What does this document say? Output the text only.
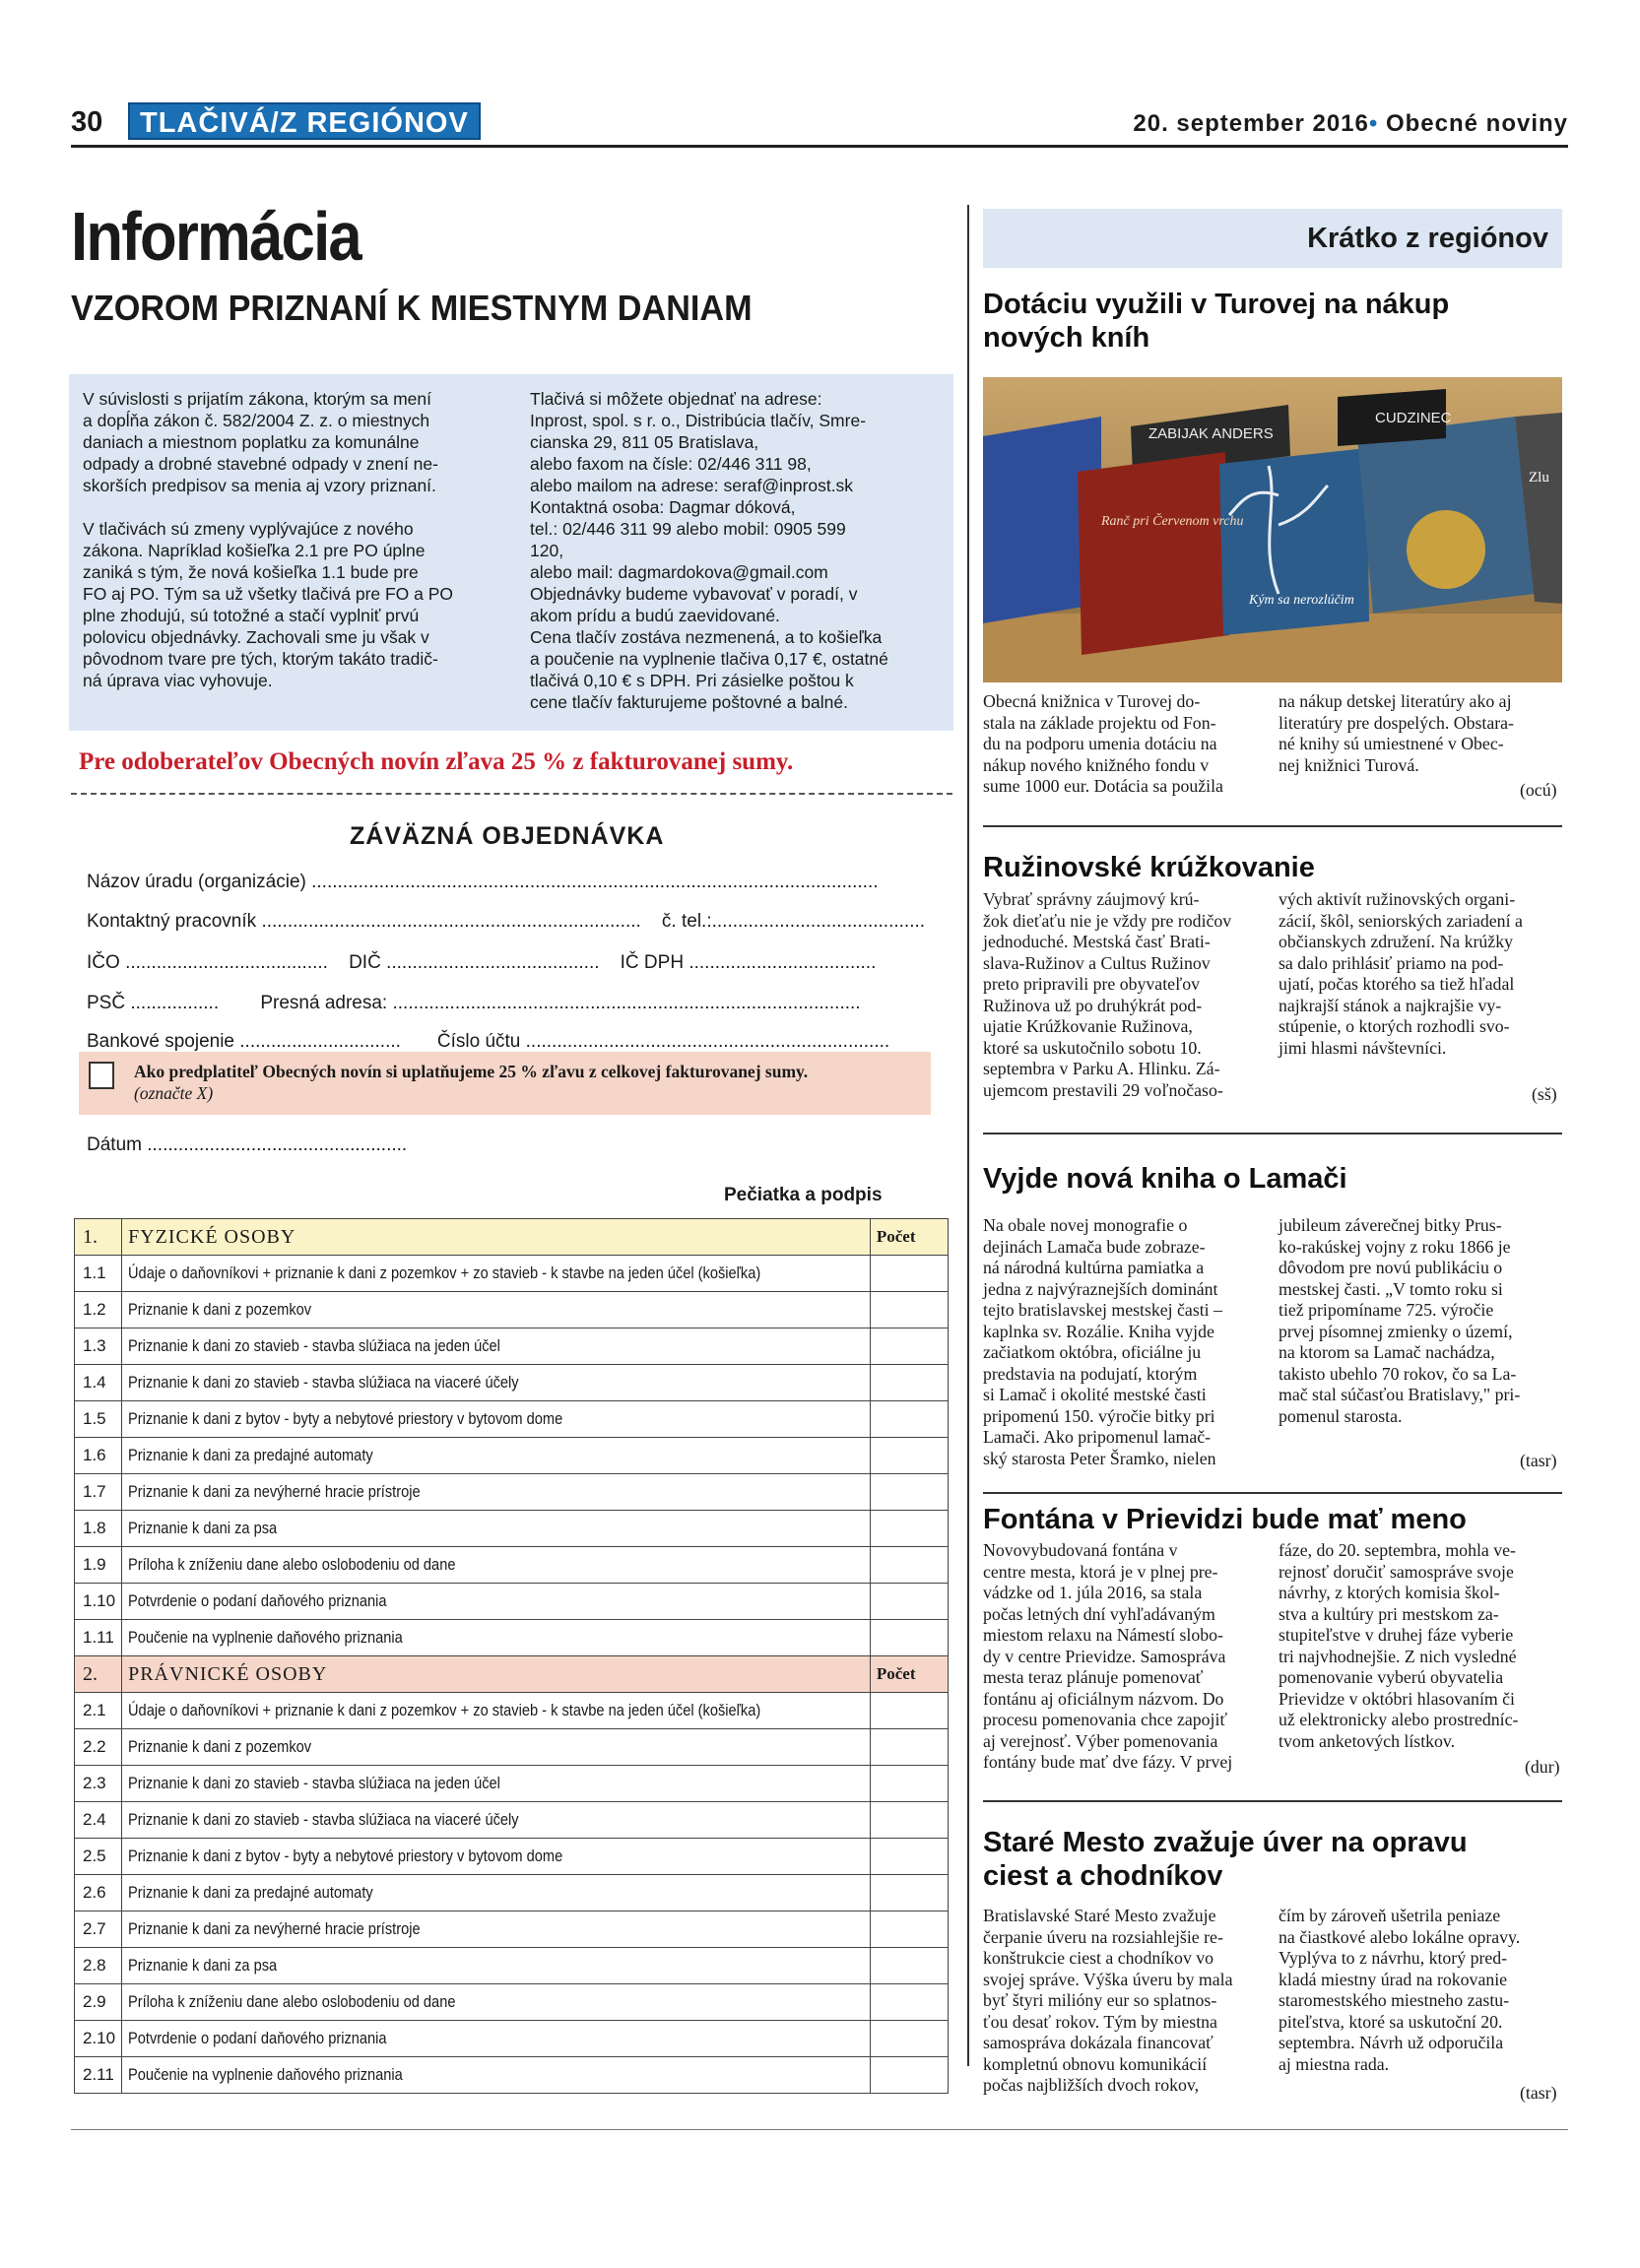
30	TLAČIVÁ/Z REGIÓNOV	20. september 2016• Obecné noviny
Informácia
VZOROM PRIZNANÍ K MIESTNYM DANIAM
V súvislosti s prijatím zákona, ktorým sa mení
a dopĺňa zákon č. 582/2004 Z. z. o miestnych
daniach a miestnom poplatku za komunálne
odpady a drobné stavebné odpady v znení ne-
skorších predpisov sa menia aj vzory priznaní.

V tlačivách sú zmeny vyplývajúce z nového
zákona. Napríklad košieľka 2.1 pre PO úplne
zaniká s tým, že nová košieľka 1.1 bude pre
FO aj PO. Tým sa už všetky tlačivá pre FO a PO
plne zhodujú, sú totožné a stačí vyplniť prvú
polovicu objednávky. Zachovali sme ju však v
pôvodnom tvare pre tých, ktorým takáto tradič-
ná úprava viac vyhovuje.
Tlačivá si môžete objednať na adrese:
Inprost, spol. s r. o., Distribúcia tlačív, Smre-
cianska 29, 811 05 Bratislava,
alebo faxom na čísle: 02/446 311 98,
alebo mailom na adrese: seraf@inprost.sk
Kontaktná osoba: Dagmar dóková,
tel.: 02/446 311 99 alebo mobil: 0905 599
120,
alebo mail: dagmardokova@gmail.com
Objednávky budeme vybavovať v poradí, v
akom prídu a budú zaevidované.
Cena tlačív zostáva nezmenená, a to košieľka
a poučenie na vyplnenie tlačiva 0,17 €, ostatné
tlačivá 0,10 € s DPH. Pri zásielke poštou k
cene tlačív fakturujeme poštovné a balné.
Pre odoberateľov Obecných novín zľava 25 % z fakturovanej sumy.
ZÁVÄZNÁ OBJEDNÁVKA
Názov úradu (organizácie) .............................................................................................................
Kontaktný pracovník ......................................................................... č. tel.:.........................................
IČO ....................................... DIČ ......................................... IČ DPH ....................................
PSČ ................. Presná adresa: ..........................................................................................
Bankové spojenie ............................... Číslo účtu ......................................................................
Ako predplatiteľ Obecných novín si uplatňujeme 25 % zľavu z celkovej fakturovanej sumy.
(označte X)
Dátum ..................................................
Pečiatka a podpis
1.	FYZICKÉ OSOBY	Počet
1.1	Údaje o daňovníkovi + priznanie k dani z pozemkov + zo stavieb - k stavbe na jeden účel (košieľka)	
1.2	Priznanie k dani z pozemkov	
1.3	Priznanie k dani zo stavieb - stavba slúžiaca na jeden účel	
1.4	Priznanie k dani zo stavieb - stavba slúžiaca na viaceré účely	
1.5	Priznanie k dani z bytov - byty a nebytové priestory v bytovom dome	
1.6	Priznanie k dani za predajné automaty	
1.7	Priznanie k dani za nevýherné hracie prístroje	
1.8	Priznanie k dani za psa	
1.9	Príloha k zníženiu dane alebo oslobodeniu od dane	
1.10	Potvrdenie o podaní daňového priznania	
1.11	Poučenie na vyplnenie daňového priznania	
2.	PRÁVNICKÉ OSOBY	Počet
2.1	Údaje o daňovníkovi + priznanie k dani z pozemkov + zo stavieb - k stavbe na jeden účel (košieľka)	
2.2	Priznanie k dani z pozemkov	
2.3	Priznanie k dani zo stavieb - stavba slúžiaca na jeden účel	
2.4	Priznanie k dani zo stavieb - stavba slúžiaca na viaceré účely	
2.5	Priznanie k dani z bytov - byty a nebytové priestory v bytovom dome	
2.6	Priznanie k dani za predajné automaty	
2.7	Priznanie k dani za nevýherné hracie prístroje	
2.8	Priznanie k dani za psa	
2.9	Príloha k zníženiu dane alebo oslobodeniu od dane	
2.10	Potvrdenie o podaní daňového priznania	
2.11	Poučenie na vyplnenie daňového priznania	
Krátko z regiónov
Dotáciu využili v Turovej na nákup nových kníh
ZABIJAK ANDERS
CUDZINEC
Ranč pri Červenom vrchu
Kým sa nerozlúčim
Zlu
Obecná knižnica v Turovej do-
stala na základe projektu od Fon-
du na podporu umenia dotáciu na
nákup nového knižného fondu v
sume 1000 eur. Dotácia sa použila
na nákup detskej literatúry ako aj
literatúry pre dospelých. Obstara-
né knihy sú umiestnené v Obec-
nej knižnici Turová.
(ocú)
Ružinovské krúžkovanie
Vybrať správny záujmový krú-
žok dieťaťu nie je vždy pre rodičov
jednoduché. Mestská časť Brati-
slava-Ružinov a Cultus Ružinov
preto pripravili pre obyvateľov
Ružinova už po druhýkrát pod-
ujatie Krúžkovanie Ružinova,
ktoré sa uskutočnilo sobotu 10.
septembra v Parku A. Hlinku. Zá-
ujemcom prestavili 29 voľnočaso-
vých aktivít ružinovských organi-
zácií, škôl, seniorských zariadení a
občianskych združení. Na krúžky
sa dalo prihlásiť priamo na pod-
ujatí, počas ktorého sa tiež hľadal
najkrajší stánok a najkrajšie vy-
stúpenie, o ktorých rozhodli svo-
jimi hlasmi návštevníci.
(sš)
Vyjde nová kniha o Lamači
Na obale novej monografie o
dejinách Lamača bude zobraze-
ná národná kultúrna pamiatka a
jedna z najvýraznejších dominánt
tejto bratislavskej mestskej časti –
kaplnka sv. Rozálie. Kniha vyjde
začiatkom októbra, oficiálne ju
predstavia na podujatí, ktorým
si Lamač i okolité mestské časti
pripomenú 150. výročie bitky pri
Lamači. Ako pripomenul lamač-
ský starosta Peter Šramko, nielen
jubileum záverečnej bitky Prus-
ko-rakúskej vojny z roku 1866 je
dôvodom pre novú publikáciu o
mestskej časti. „V tomto roku si
tiež pripomíname 725. výročie
prvej písomnej zmienky o území,
na ktorom sa Lamač nachádza,
takisto ubehlo 70 rokov, čo sa La-
mač stal súčasťou Bratislavy," pri-
pomenul starosta.
(tasr)
Fontána v Prievidzi bude mať meno
Novovybudovaná fontána v
centre mesta, ktorá je v plnej pre-
vádzke od 1. júla 2016, sa stala
počas letných dní vyhľadávaným
miestom relaxu na Námestí slobo-
dy v centre Prievidze. Samospráva
mesta teraz plánuje pomenovať
fontánu aj oficiálnym názvom. Do
procesu pomenovania chce zapojiť
aj verejnosť. Výber pomenovania
fontány bude mať dve fázy. V prvej
fáze, do 20. septembra, mohla ve-
rejnosť doručiť samospráve svoje
návrhy, z ktorých komisia škol-
stva a kultúry pri mestskom za-
stupiteľstve v druhej fáze vyberie
tri najvhodnejšie. Z nich vysledné
pomenovanie vyberú obyvatelia
Prievidze v októbri hlasovaním či
už elektronicky alebo prostredníc-
tvom anketových lístkov.
(dur)
Staré Mesto zvažuje úver na opravu ciest a chodníkov
Bratislavské Staré Mesto zvažuje
čerpanie úveru na rozsiahlejšie re-
konštrukcie ciest a chodníkov vo
svojej správe. Výška úveru by mala
byť štyri milióny eur so splatnos-
ťou desať rokov. Tým by miestna
samospráva dokázala financovať
kompletnú obnovu komunikácií
počas najbližších dvoch rokov,
čím by zároveň ušetrila peniaze
na čiastkové alebo lokálne opravy.
Vyplýva to z návrhu, ktorý pred-
kladá miestny úrad na rokovanie
staromestského miestneho zastu-
piteľstva, ktoré sa uskutoční 20.
septembra. Návrh už odporučila
aj miestna rada.
(tasr)
